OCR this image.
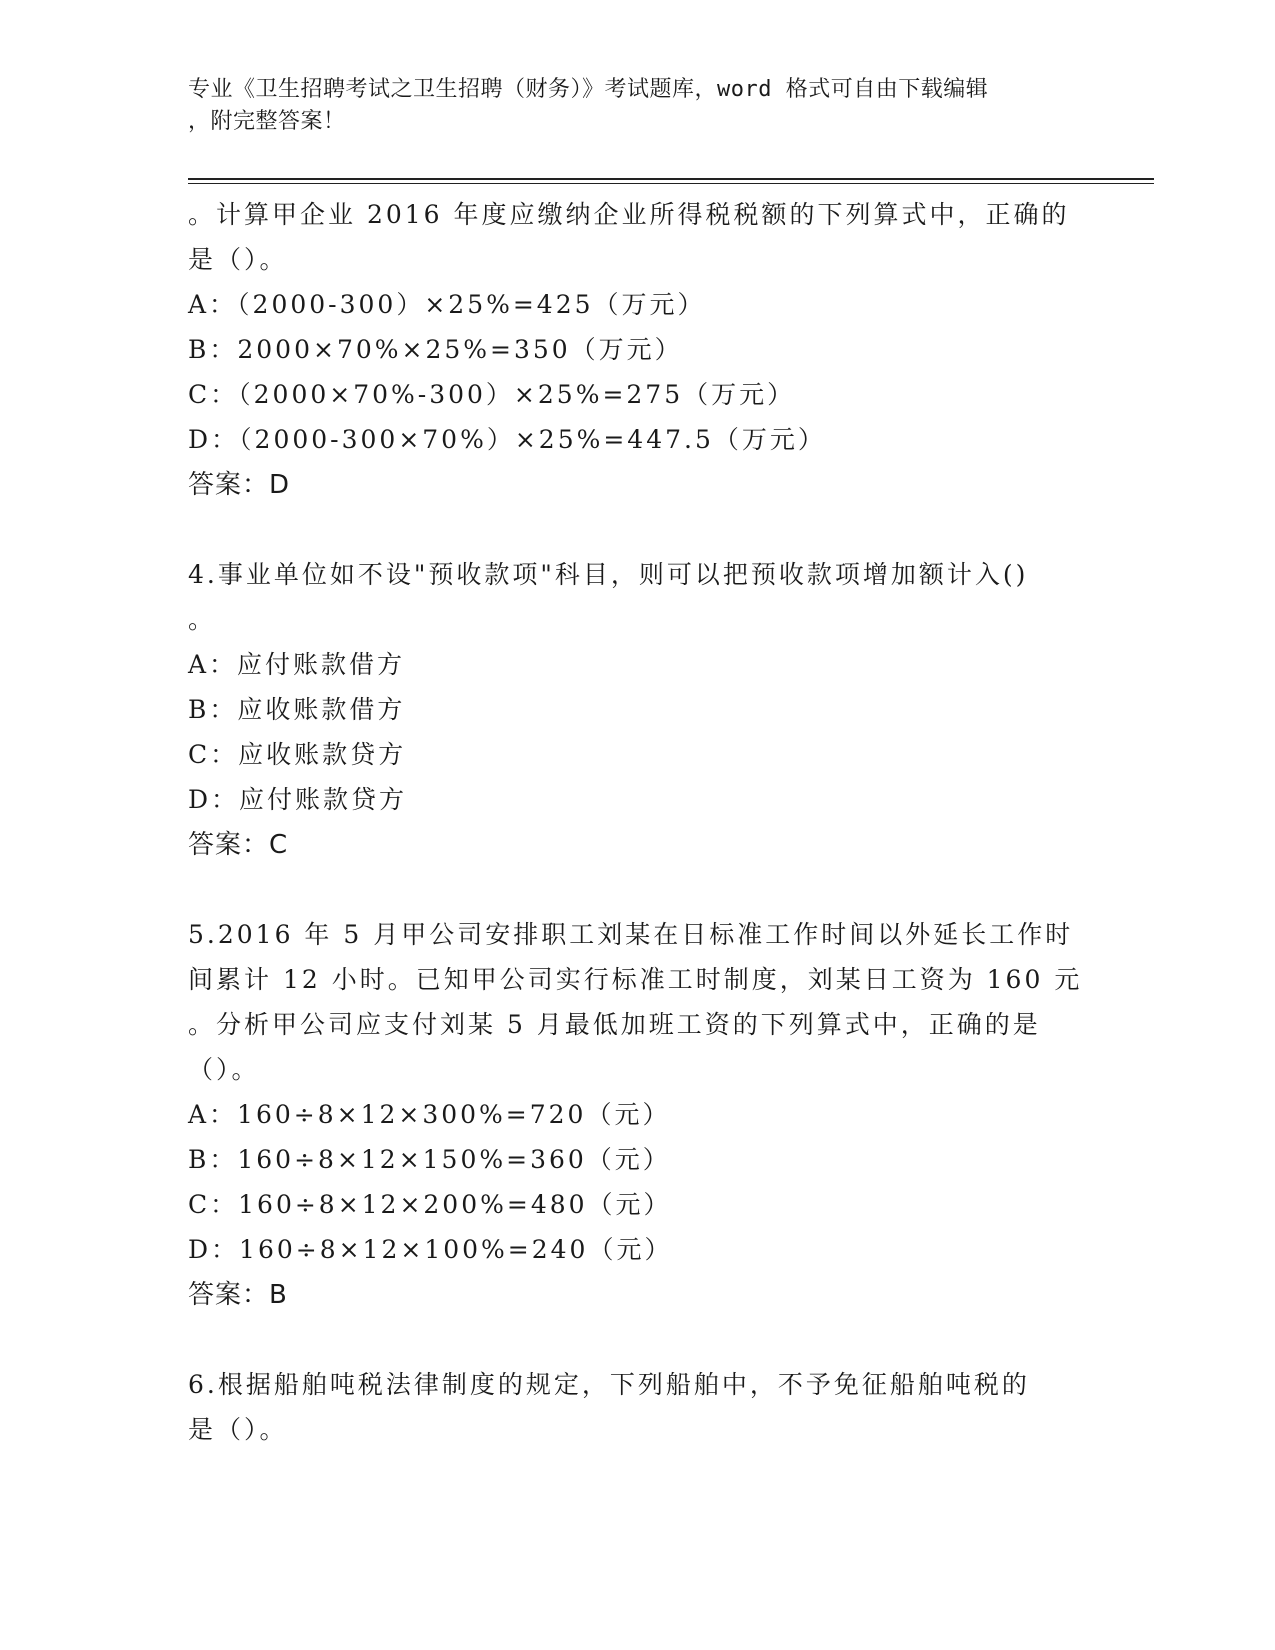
专业《卫生招聘考试之卫生招聘（财务）》考试题库，word 格式可自由下载编辑
，附完整答案！
。计算甲企业 2016 年度应缴纳企业所得税税额的下列算式中，正确的
是（）。
A：（2000-300）×25%=425（万元）
B：2000×70%×25%=350（万元）
C：（2000×70%-300）×25%=275（万元）
D：（2000-300×70%）×25%=447.5（万元）
答案：D
4.事业单位如不设"预收款项"科目，则可以把预收款项增加额计入()
。
A：应付账款借方
B：应收账款借方
C：应收账款贷方
D：应付账款贷方
答案：C
5.2016 年 5 月甲公司安排职工刘某在日标准工作时间以外延长工作时
间累计 12 小时。已知甲公司实行标准工时制度，刘某日工资为 160 元
。分析甲公司应支付刘某 5 月最低加班工资的下列算式中，正确的是
（）。
A：160÷8×12×300%=720（元）
B：160÷8×12×150%=360（元）
C：160÷8×12×200%=480（元）
D：160÷8×12×100%=240（元）
答案：B
6.根据船舶吨税法律制度的规定，下列船舶中，不予免征船舶吨税的
是（）。
